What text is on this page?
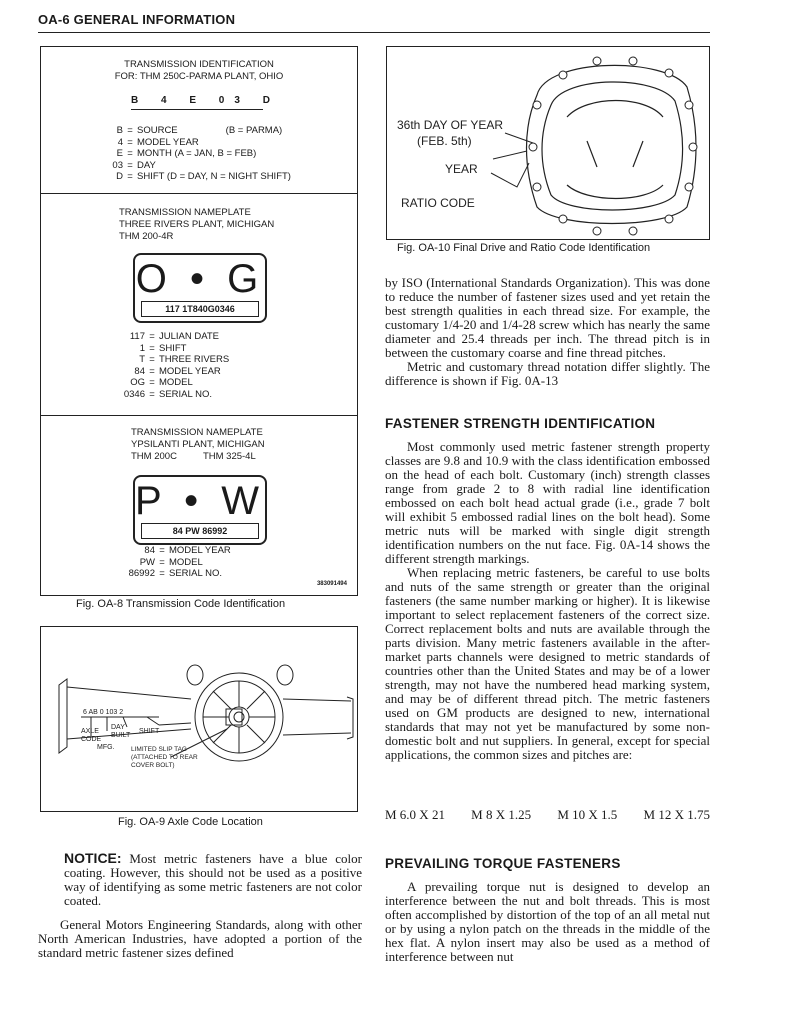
OA-6 GENERAL INFORMATION
TRANSMISSION IDENTIFICATION
FOR: THM 250C-PARMA PLANT, OHIO
B 4 E 03 D
B = SOURCE	(B = PARMA)
4 = MODEL YEAR
E = MONTH (A = JAN, B = FEB)
03 = DAY
D = SHIFT (D = DAY, N = NIGHT SHIFT)
TRANSMISSION NAMEPLATE
THREE RIVERS PLANT, MICHIGAN
THM 200-4R
O • G
117 1T840G0346
117 = JULIAN DATE
1 = SHIFT
T = THREE RIVERS
84 = MODEL YEAR
OG = MODEL
0346 = SERIAL NO.
TRANSMISSION NAMEPLATE
YPSILANTI PLANT, MICHIGAN
THM 200C	THM 325-4L
P • W
84 PW 86992
84 = MODEL YEAR
PW = MODEL
86992 = SERIAL NO.
383091494
Fig. OA-8 Transmission Code Identification
6 AB 0 103 2
AXLE
CODE
DAY
BUILT
SHIFT
MFG.	LIMITED SLIP TAG
(ATTACHED TO REAR
COVER BOLT)
Fig. OA-9 Axle Code Location
36th DAY OF YEAR
(FEB. 5th)
YEAR
RATIO CODE
Fig. OA-10 Final Drive and Ratio Code Identification

NOTICE: Most metric fasteners have a blue color coating. However, this should not be used as a positive way of identifying as some metric fasteners are not color coated.

General Motors Engineering Standards, along with other North American Industries, have adopted a portion of the standard metric fastener sizes defined

by ISO (International Standards Organization). This was done to reduce the number of fastener sizes used and yet retain the best strength qualities in each thread size. For example, the customary 1/4-20 and 1/4-28 screw which has nearly the same diameter and 25.4 threads per inch. The thread pitch is in between the customary coarse and fine thread pitches.

Metric and customary thread notation differ slightly. The difference is shown if Fig. 0A-13

FASTENER STRENGTH IDENTIFICATION

Most commonly used metric fastener strength property classes are 9.8 and 10.9 with the class identification embossed on the head of each bolt. Customary (inch) strength classes range from grade 2 to 8 with radial line identification embossed on each bolt head actual grade (i.e., grade 7 bolt will exhibit 5 embossed radial lines on the bolt head). Some metric nuts will be marked with single digit strength identification numbers on the nut face. Fig. 0A-14 shows the different strength markings.

When replacing metric fasteners, be careful to use bolts and nuts of the same strength or greater than the original fasteners (the same number marking or higher). It is likewise important to select replacement fasteners of the correct size. Correct replacement bolts and nuts are available through the parts division. Many metric fasteners available in the after-market parts channels were designed to metric standards of countries other than the United States and may be of a lower strength, may not have the numbered head marking system, and may be of different thread pitch. The metric fasteners used on GM products are designed to new, international standards that may not yet be manufactured by some non-domestic bolt and nut suppliers. In general, except for special applications, the common sizes and pitches are:

M 6.0 X 21 M 8 X 1.25 M 10 X 1.5 M 12 X 1.75
PREVAILING TORQUE FASTENERS

A prevailing torque nut is designed to develop an interference between the nut and bolt threads. This is most often accomplished by distortion of the top of an all metal nut or by using a nylon patch on the threads in the middle of the hex flat. A nylon insert may also be used as a method of interference between nut
